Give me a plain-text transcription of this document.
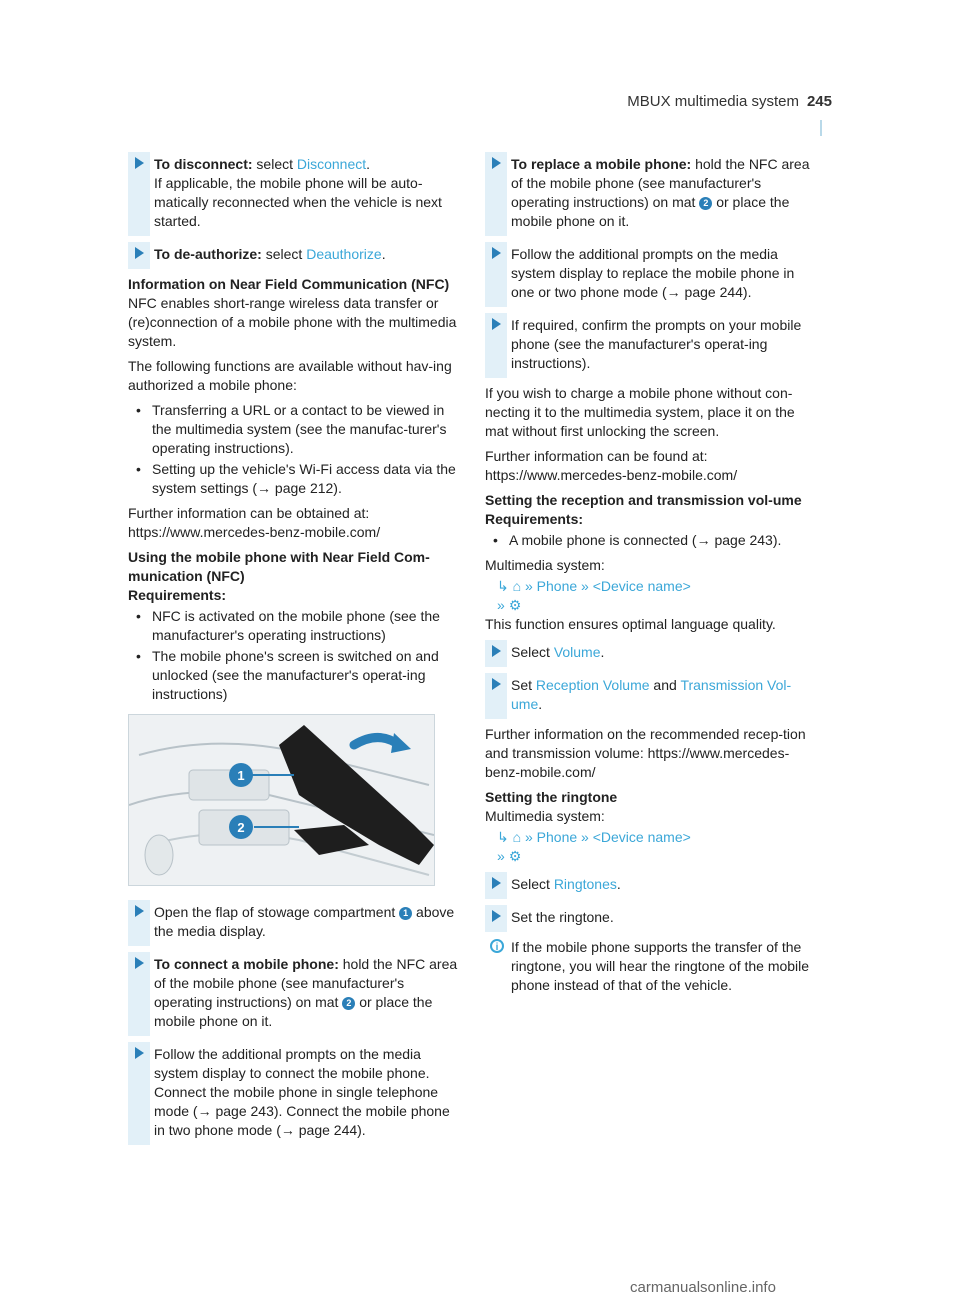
MBUX multimedia system 245
To disconnect: select Disconnect.
If applicable, the mobile phone will be auto-matically reconnected when the vehicle is next started.
To de-authorize: select Deauthorize.

Information on Near Field Communication (NFC)

NFC enables short-range wireless data transfer or (re)connection of a mobile phone with the multimedia system.

The following functions are available without hav-ing authorized a mobile phone:

• Transferring a URL or a contact to be viewed in the multimedia system (see the manufac-turer's operating instructions).
• Setting up the vehicle's Wi-Fi access data via the system settings (→ page 212).

Further information can be obtained at: https://www.mercedes-benz-mobile.com/

Using the mobile phone with Near Field Com-munication (NFC)

Requirements:

• NFC is activated on the mobile phone (see the manufacturer's operating instructions)
• The mobile phone's screen is switched on and unlocked (see the manufacturer's operat-ing instructions)
1
2
Open the flap of stowage compartment 1 above the media display.
To connect a mobile phone: hold the NFC area of the mobile phone (see manufacturer's operating instructions) on mat 2 or place the mobile phone on it.
Follow the additional prompts on the media system display to connect the mobile phone. Connect the mobile phone in single telephone mode (→ page 243). Connect the mobile phone in two phone mode (→ page 244).
To replace a mobile phone: hold the NFC area of the mobile phone (see manufacturer's operating instructions) on mat 2 or place the mobile phone on it.
Follow the additional prompts on the media system display to replace the mobile phone in one or two phone mode (→ page 244).
If required, confirm the prompts on your mobile phone (see the manufacturer's operat-ing instructions).

If you wish to charge a mobile phone without con-necting it to the multimedia system, place it on the mat without first unlocking the screen.

Further information can be found at: https://www.mercedes-benz-mobile.com/

Setting the reception and transmission vol-ume

Requirements:

• A mobile phone is connected (→ page 243).

Multimedia system:

↳ ⌂ » Phone » <Device name>
» ⚙

This function ensures optimal language quality.

Select Volume.
Set Reception Volume and Transmission Vol-ume.

Further information on the recommended recep-tion and transmission volume: https://www.mercedes-benz-mobile.com/

Setting the ringtone

Multimedia system:

↳ ⌂ » Phone » <Device name>
» ⚙
Select Ringtones.
Set the ringtone.
i If the mobile phone supports the transfer of the ringtone, you will hear the ringtone of the mobile phone instead of that of the vehicle.
carmanualsonline.info
